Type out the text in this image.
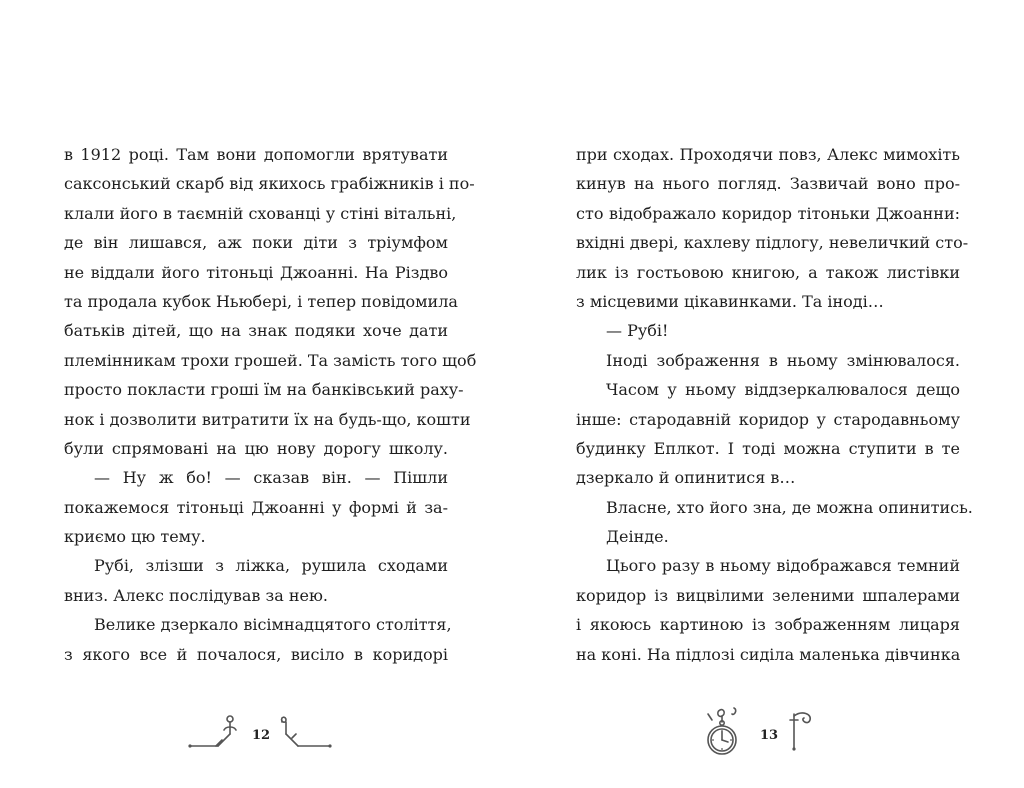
в 1912 році. Там вони допомогли врятувати
саксонський скарб від якихось грабіжників і по-
клали його в таємній схованці у стіні вітальні,
де він лишався, аж поки діти з тріумфом
не віддали його тітоньці Джоанні. На Різдво
та продала кубок Ньюбері, і тепер повідомила
батьків дітей, що на знак подяки хоче дати
племінникам трохи грошей. Та замість того щоб
просто покласти гроші їм на банківський раху-
нок і дозволити витратити їх на будь-що, кошти
були спрямовані на цю нову дорогу школу.
— Ну ж бо! — сказав він. — Пішли
покажемося тітоньці Джоанні у формі й за-
криємо цю тему.
Рубі, злізши з ліжка, рушила сходами
вниз. Алекс послідував за нею.
Велике дзеркало вісімнадцятого століття,
з якого все й почалося, висіло в коридорі
при сходах. Проходячи повз, Алекс мимохіть
кинув на нього погляд. Зазвичай воно про-
сто відображало коридор тітоньки Джоанни:
вхідні двері, кахлеву підлогу, невеличкий сто-
лик із гостьовою книгою, а також листівки
з місцевими цікавинками. Та іноді…
— Рубі!
Іноді зображення в ньому змінювалося.
Часом у ньому віддзеркалювалося дещо
інше: стародавній коридор у стародавньому
будинку Еплкот. І тоді можна ступити в те
дзеркало й опинитися в…
Власне, хто його зна, де можна опинитись.
Деінде.
Цього разу в ньому відображався темний
коридор із вицвілими зеленими шпалерами
і якоюсь картиною із зображенням лицаря
на коні. На підлозі сиділа маленька дівчинка
12	13
